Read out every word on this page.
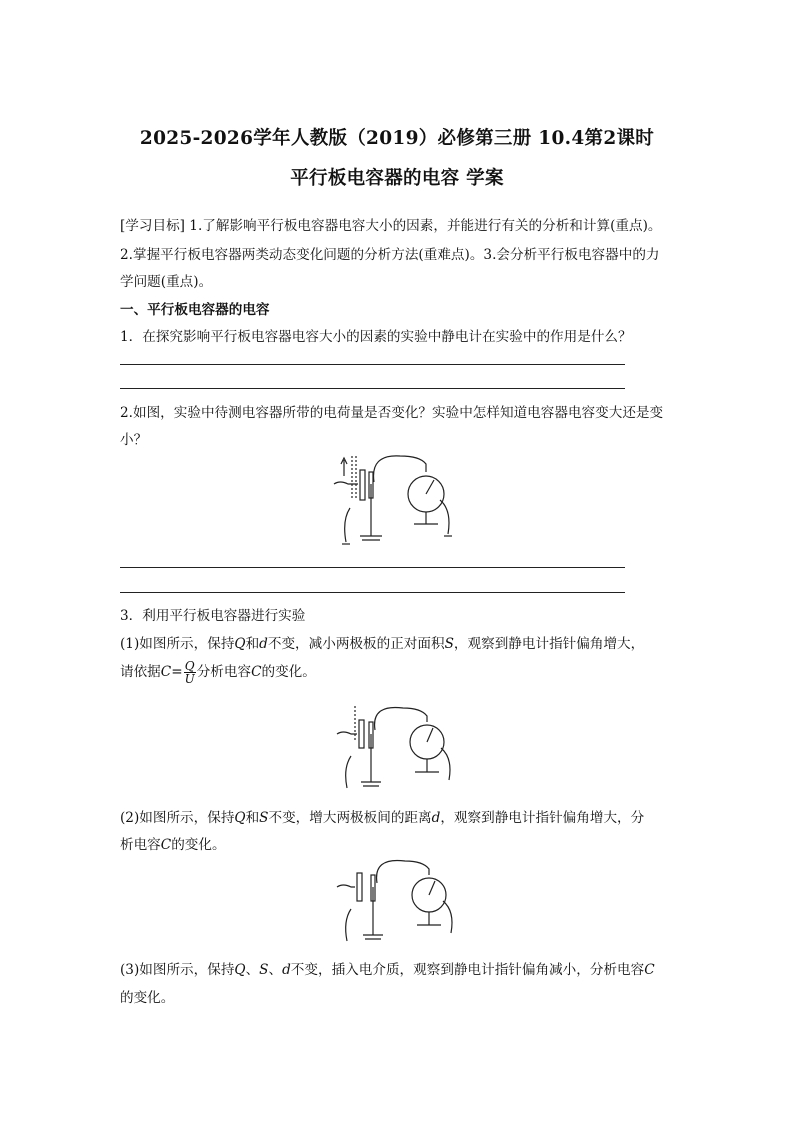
2025-2026学年人教版（2019）必修第三册 10.4第2课时
平行板电容器的电容 学案
[学习目标] 1.了解影响平行板电容器电容大小的因素，并能进行有关的分析和计算(重点)。
2.掌握平行板电容器两类动态变化问题的分析方法(重难点)。3.会分析平行板电容器中的力
学问题(重点)。
一、平行板电容器的电容
1．在探究影响平行板电容器电容大小的因素的实验中静电计在实验中的作用是什么？
2.如图，实验中待测电容器所带的电荷量是否变化？实验中怎样知道电容器电容变大还是变
小？
3．利用平行板电容器进行实验
(1)如图所示，保持Q和d不变，减小两极板的正对面积S，观察到静电计指针偏角增大，
请依据$C= \frac{Q}{U}$ 分析电容C的变化。
(2)如图所示，保持Q和S不变，增大两极板间的距离d，观察到静电计指针偏角增大，分
析电容C的变化。
(3)如图所示，保持Q、S、d不变，插入电介质，观察到静电计指针偏角减小，分析电容C
的变化。
